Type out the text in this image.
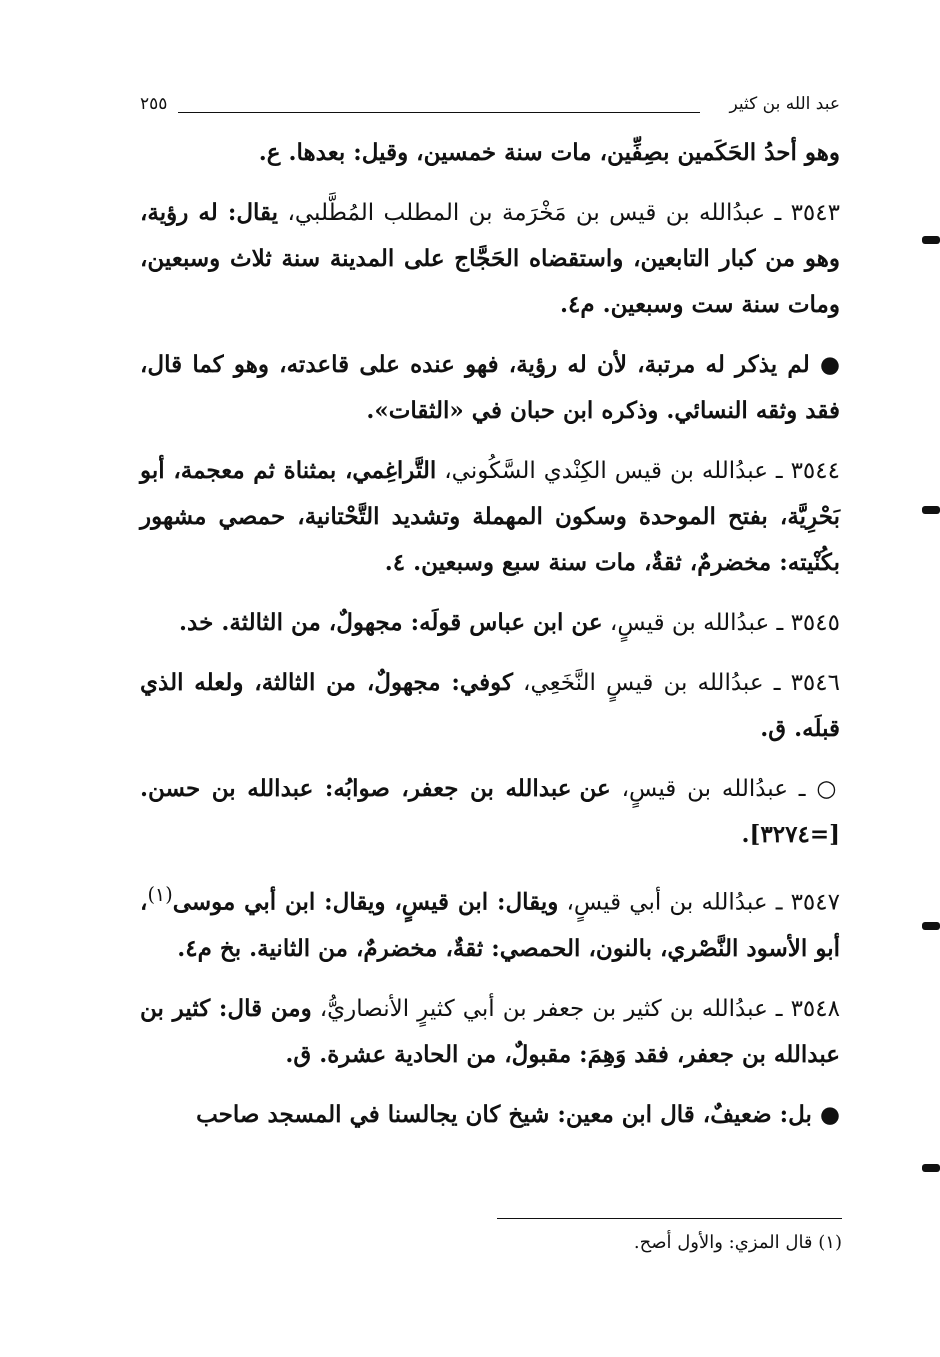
عبد الله بن كثير
٢٥٥

وهو أحدُ الحَكَمين بصِفِّين، مات سنة خمسين، وقيل: بعدها. ع.

٣٥٤٣ ـ عبدُالله بن قيس بن مَخْرَمة بن المطلب المُطَّلبي، يقال: له رؤية، وهو من كبار التابعين، واستقضاه الحَجَّاج على المدينة سنة ثلاث وسبعين، ومات سنة ست وسبعين. م٤.

● لم يذكر له مرتبة، لأن له رؤية، فهو عنده على قاعدته، وهو كما قال، فقد وثقه النسائي. وذكره ابن حبان في «الثقات».

٣٥٤٤ ـ عبدُالله بن قيس الكِنْدي السَّكُوني، التَّراغِمي، بمثناة ثم معجمة، أبو بَحْرِيَّة، بفتح الموحدة وسكون المهملة وتشديد التَّحْتانية، حمصي مشهور بكُنْيته: مخضرمٌ، ثقةٌ، مات سنة سبع وسبعين. ٤.

٣٥٤٥ ـ عبدُالله بن قيسٍ، عن ابن عباس قولَه: مجهولٌ، من الثالثة. خد.

٣٥٤٦ ـ عبدُالله بن قيسٍ النَّخَعِي، كوفي: مجهولٌ، من الثالثة، ولعله الذي قبلَه. ق.

○ ـ عبدُالله بن قيسٍ، عن عبدالله بن جعفر، صوابُه: عبدالله بن حسن. [=٣٢٧٤].

٣٥٤٧ ـ عبدُالله بن أبي قيسٍ، ويقال: ابن قيسٍ، ويقال: ابن أبي موسى$^{(١)}$، أبو الأسود النَّصْري، بالنون، الحمصي: ثقةٌ، مخضرمٌ، من الثانية. بخ م٤.

٣٥٤٨ ـ عبدُالله بن كثير بن جعفر بن أبي كثيرٍ الأنصاريُّ، ومن قال: كثير بن عبدالله بن جعفر، فقد وَهِمَ: مقبولٌ، من الحادية عشرة. ق.

● بل: ضعيفٌ، قال ابن معين: شيخ كان يجالسنا في المسجد صاحب

(١) قال المزي: والأول أصح.
